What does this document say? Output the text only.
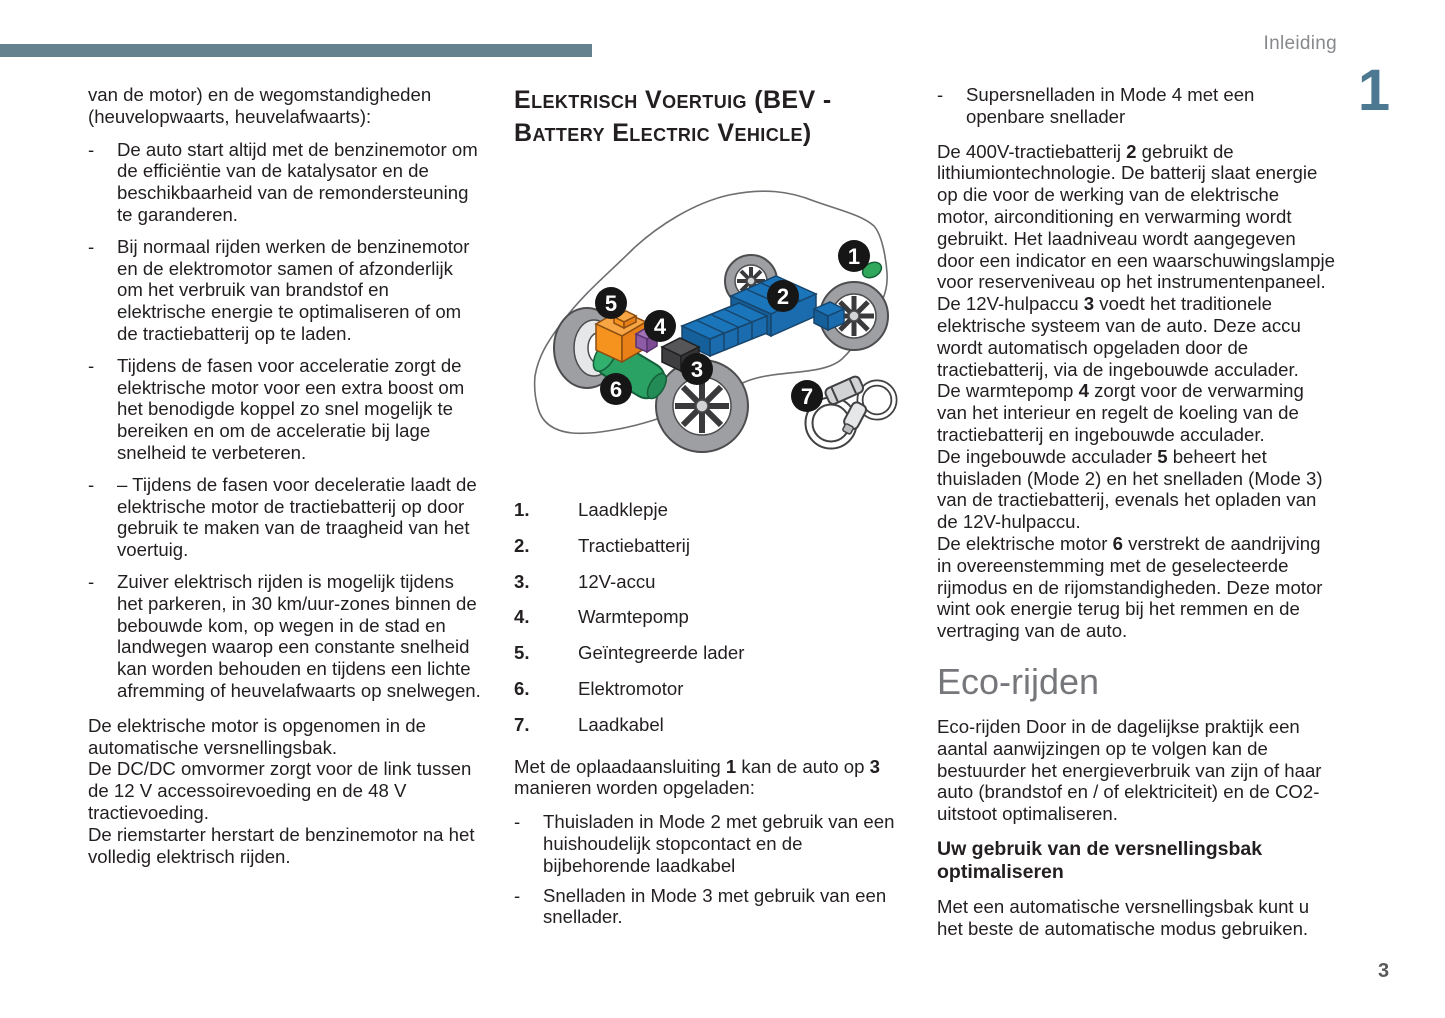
Inleiding
1
3
van de motor) en de wegomstandigheden (heuvelopwaarts, heuvelafwaarts):
-	De auto start altijd met de benzinemotor om de efficiëntie van de katalysator en de beschikbaarheid van de remondersteuning te garanderen.
-	Bij normaal rijden werken de benzinemotor en de elektromotor samen of afzonderlijk om het verbruik van brandstof en elektrische energie te optimaliseren of om de tractiebatterij op te laden.
-	Tijdens de fasen voor acceleratie zorgt de elektrische motor voor een extra boost om het benodigde koppel zo snel mogelijk te bereiken en om de acceleratie bij lage snelheid te verbeteren.
-	– Tijdens de fasen voor deceleratie laadt de elektrische motor de tractiebatterij op door gebruik te maken van de traagheid van het voertuig.
-	Zuiver elektrisch rijden is mogelijk tijdens het parkeren, in 30 km/uur-zones binnen de bebouwde kom, op wegen in de stad en landwegen waarop een constante snelheid kan worden behouden en tijdens een lichte afremming of heuvelafwaarts op snelwegen.
De elektrische motor is opgenomen in de automatische versnellingsbak.
De DC/DC omvormer zorgt voor de link tussen de 12 V accessoirevoeding en de 48 V tractievoeding.
De riemstarter herstart de benzinemotor na het volledig elektrisch rijden.
Elektrisch Voertuig (BEV -
Battery Electric Vehicle)
1
2
3
4
5
6	7
1.	Laadklepje
2.	Tractiebatterij
3.	12V-accu
4.	Warmtepomp
5.	Geïntegreerde lader
6.	Elektromotor
7.	Laadkabel
Met de oplaadaansluiting 1 kan de auto op 3 manieren worden opgeladen:
-	Thuisladen in Mode 2 met gebruik van een huishoudelijk stopcontact en de bijbehorende laadkabel
-	Snelladen in Mode 3 met gebruik van een snellader.
-	Supersnelladen in Mode 4 met een openbare snellader
De 400V-tractiebatterij 2 gebruikt de lithiumiontechnologie. De batterij slaat energie op die voor de werking van de elektrische motor, airconditioning en verwarming wordt gebruikt. Het laadniveau wordt aangegeven door een indicator en een waarschuwingslampje voor reserveniveau op het instrumentenpaneel.
De 12V-hulpaccu 3 voedt het traditionele elektrische systeem van de auto. Deze accu wordt automatisch opgeladen door de tractiebatterij, via de ingebouwde acculader.
De warmtepomp 4 zorgt voor de verwarming van het interieur en regelt de koeling van de tractiebatterij en ingebouwde acculader.
De ingebouwde acculader 5 beheert het thuisladen (Mode 2) en het snelladen (Mode 3) van de tractiebatterij, evenals het opladen van de 12V-hulpaccu.
De elektrische motor 6 verstrekt de aandrijving in overeenstemming met de geselecteerde rijmodus en de rijomstandigheden. Deze motor wint ook energie terug bij het remmen en de vertraging van de auto.
Eco-rijden
Eco-rijden Door in de dagelijkse praktijk een aantal aanwijzingen op te volgen kan de bestuurder het energieverbruik van zijn of haar auto (brandstof en / of elektriciteit) en de CO2-uitstoot optimaliseren.
Uw gebruik van de versnellingsbak optimaliseren
Met een automatische versnellingsbak kunt u het beste de automatische modus gebruiken.
